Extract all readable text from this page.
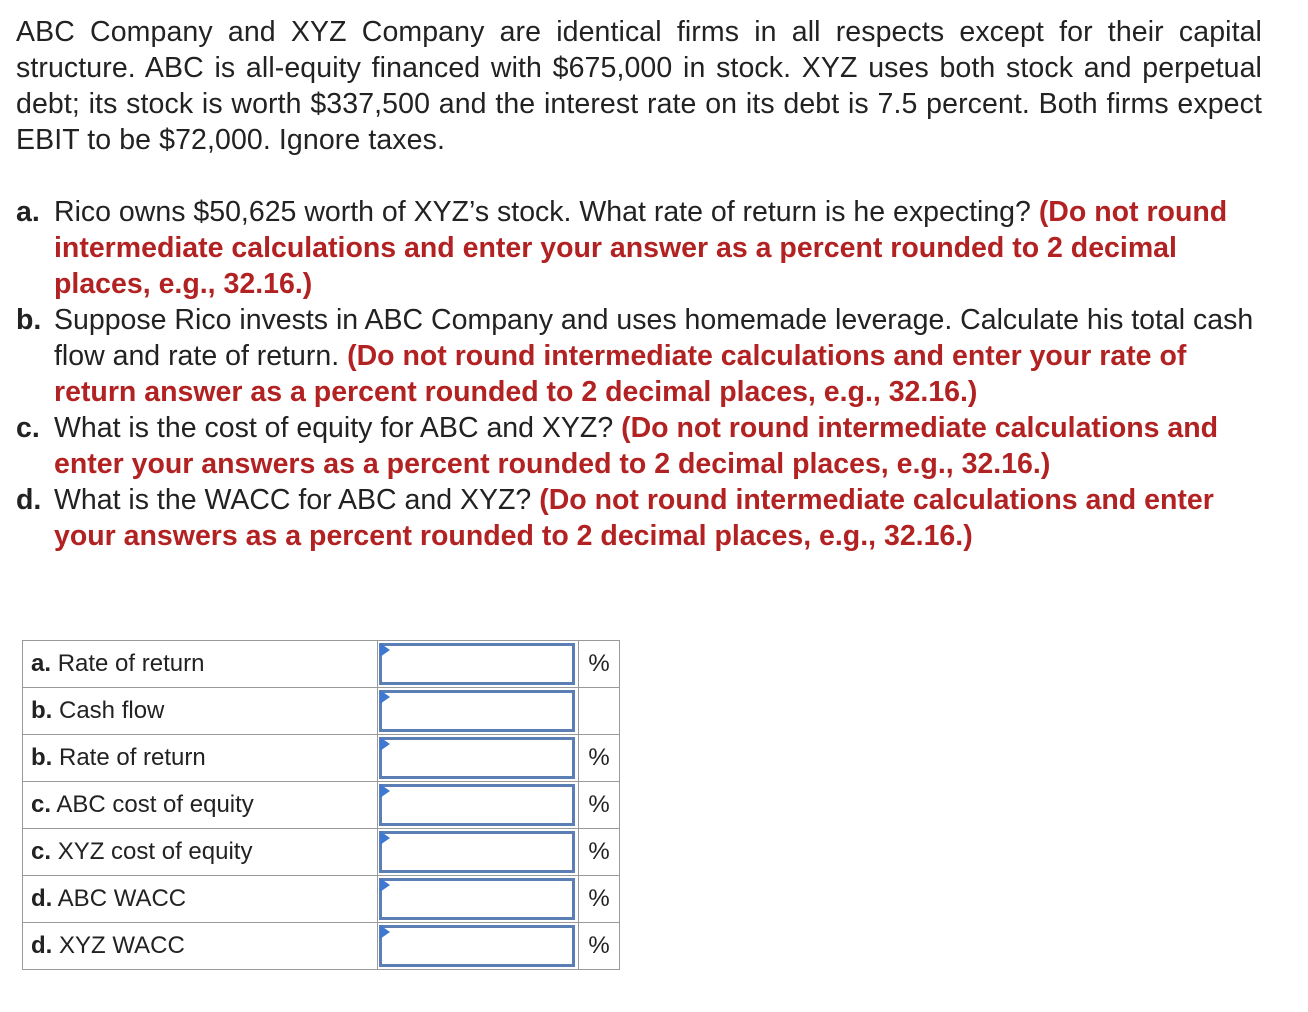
ABC Company and XYZ Company are identical firms in all respects except for their capital structure. ABC is all-equity financed with $675,000 in stock. XYZ uses both stock and perpetual debt; its stock is worth $337,500 and the interest rate on its debt is 7.5 percent. Both firms expect EBIT to be $72,000. Ignore taxes.

a. Rico owns $50,625 worth of XYZ’s stock. What rate of return is he expecting? (Do not round intermediate calculations and enter your answer as a percent rounded to 2 decimal places, e.g., 32.16.)
b. Suppose Rico invests in ABC Company and uses homemade leverage. Calculate his total cash flow and rate of return. (Do not round intermediate calculations and enter your rate of return answer as a percent rounded to 2 decimal places, e.g., 32.16.)
c. What is the cost of equity for ABC and XYZ? (Do not round intermediate calculations and enter your answers as a percent rounded to 2 decimal places, e.g., 32.16.)
d. What is the WACC for ABC and XYZ? (Do not round intermediate calculations and enter your answers as a percent rounded to 2 decimal places, e.g., 32.16.)
a. Rate of return		%
b. Cash flow	

b. Rate of return		%
c. ABC cost of equity		%
c. XYZ cost of equity		%
d. ABC WACC		%
d. XYZ WACC		%
